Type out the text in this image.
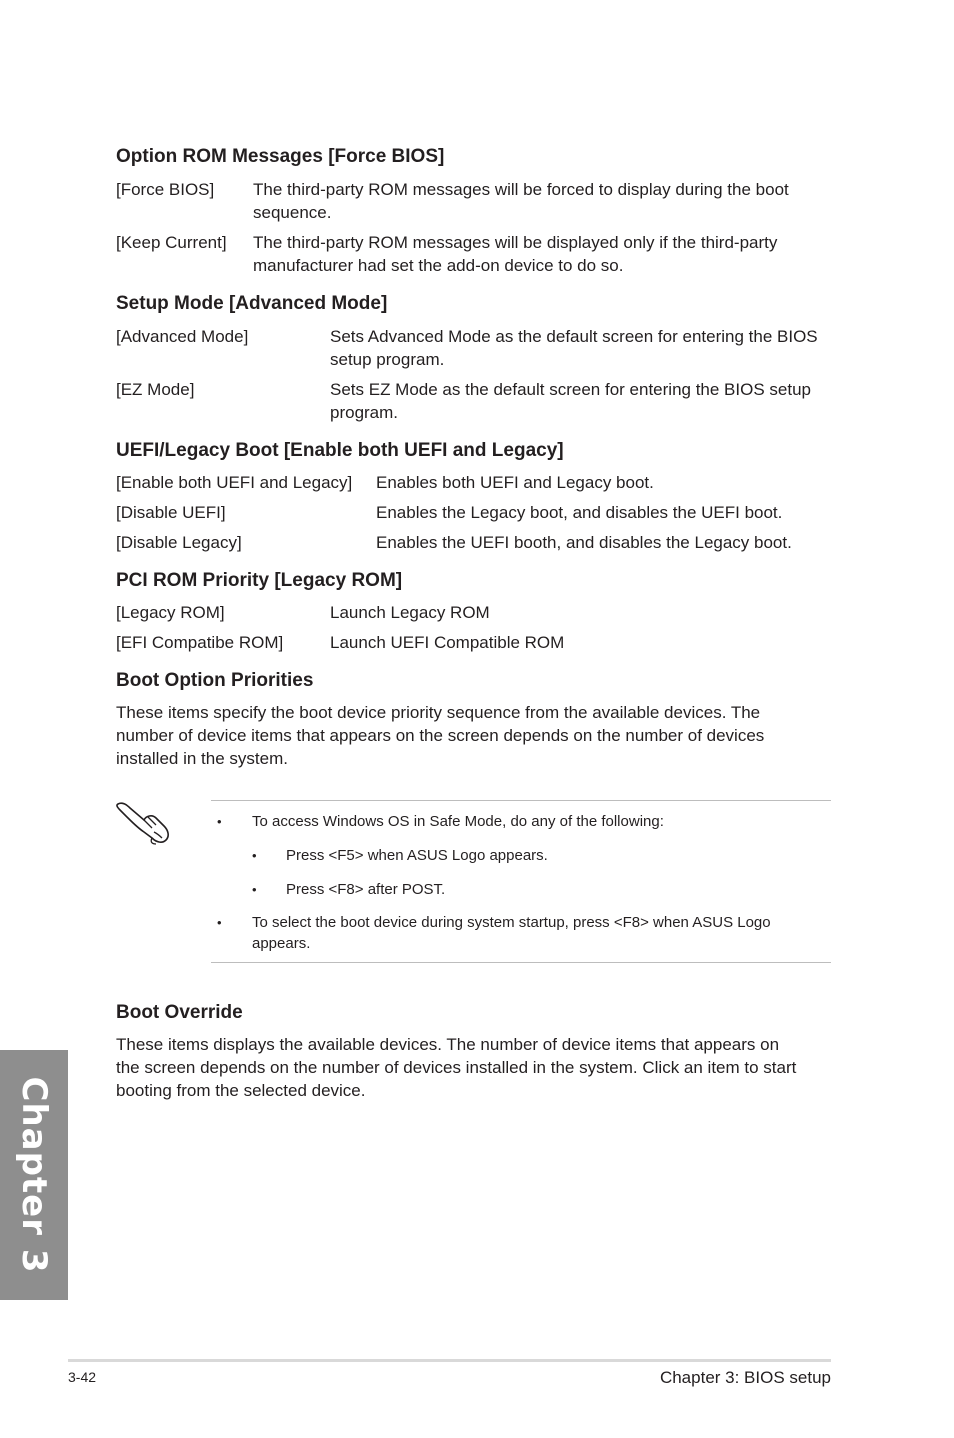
Option ROM Messages [Force BIOS]
[Force BIOS] The third-party ROM messages will be forced to display during the boot
sequence.
[Keep Current] The third-party ROM messages will be displayed only if the third-party
manufacturer had set the add-on device to do so.
Setup Mode [Advanced Mode]
[Advanced Mode]	Sets Advanced Mode as the default screen for entering the BIOS
setup program.
[EZ Mode]	Sets EZ Mode as the default screen for entering the BIOS setup
program.
UEFI/Legacy Boot [Enable both UEFI and Legacy]
[Enable both UEFI and Legacy] Enables both UEFI and Legacy boot.
[Disable UEFI]	Enables the Legacy boot, and disables the UEFI boot.
[Disable Legacy]	Enables the UEFI booth, and disables the Legacy boot.
PCI ROM Priority [Legacy ROM]
[Legacy ROM]	Launch Legacy ROM
[EFI Compatibe ROM]	Launch UEFI Compatible ROM
Boot Option Priorities
These items specify the boot device priority sequence from the available devices. The
number of device items that appears on the screen depends on the number of devices
installed in the system.
• To access Windows OS in Safe Mode, do any of the following:
• Press <F5> when ASUS Logo appears.
• Press <F8> after POST.
• To select the boot device during system startup, press <F8> when ASUS Logo
appears.
Boot Override
These items displays the available devices. The number of device items that appears on
the screen depends on the number of devices installed in the system. Click an item to start
booting from the selected device.
Chapter 3
3-42	Chapter 3: BIOS setup
